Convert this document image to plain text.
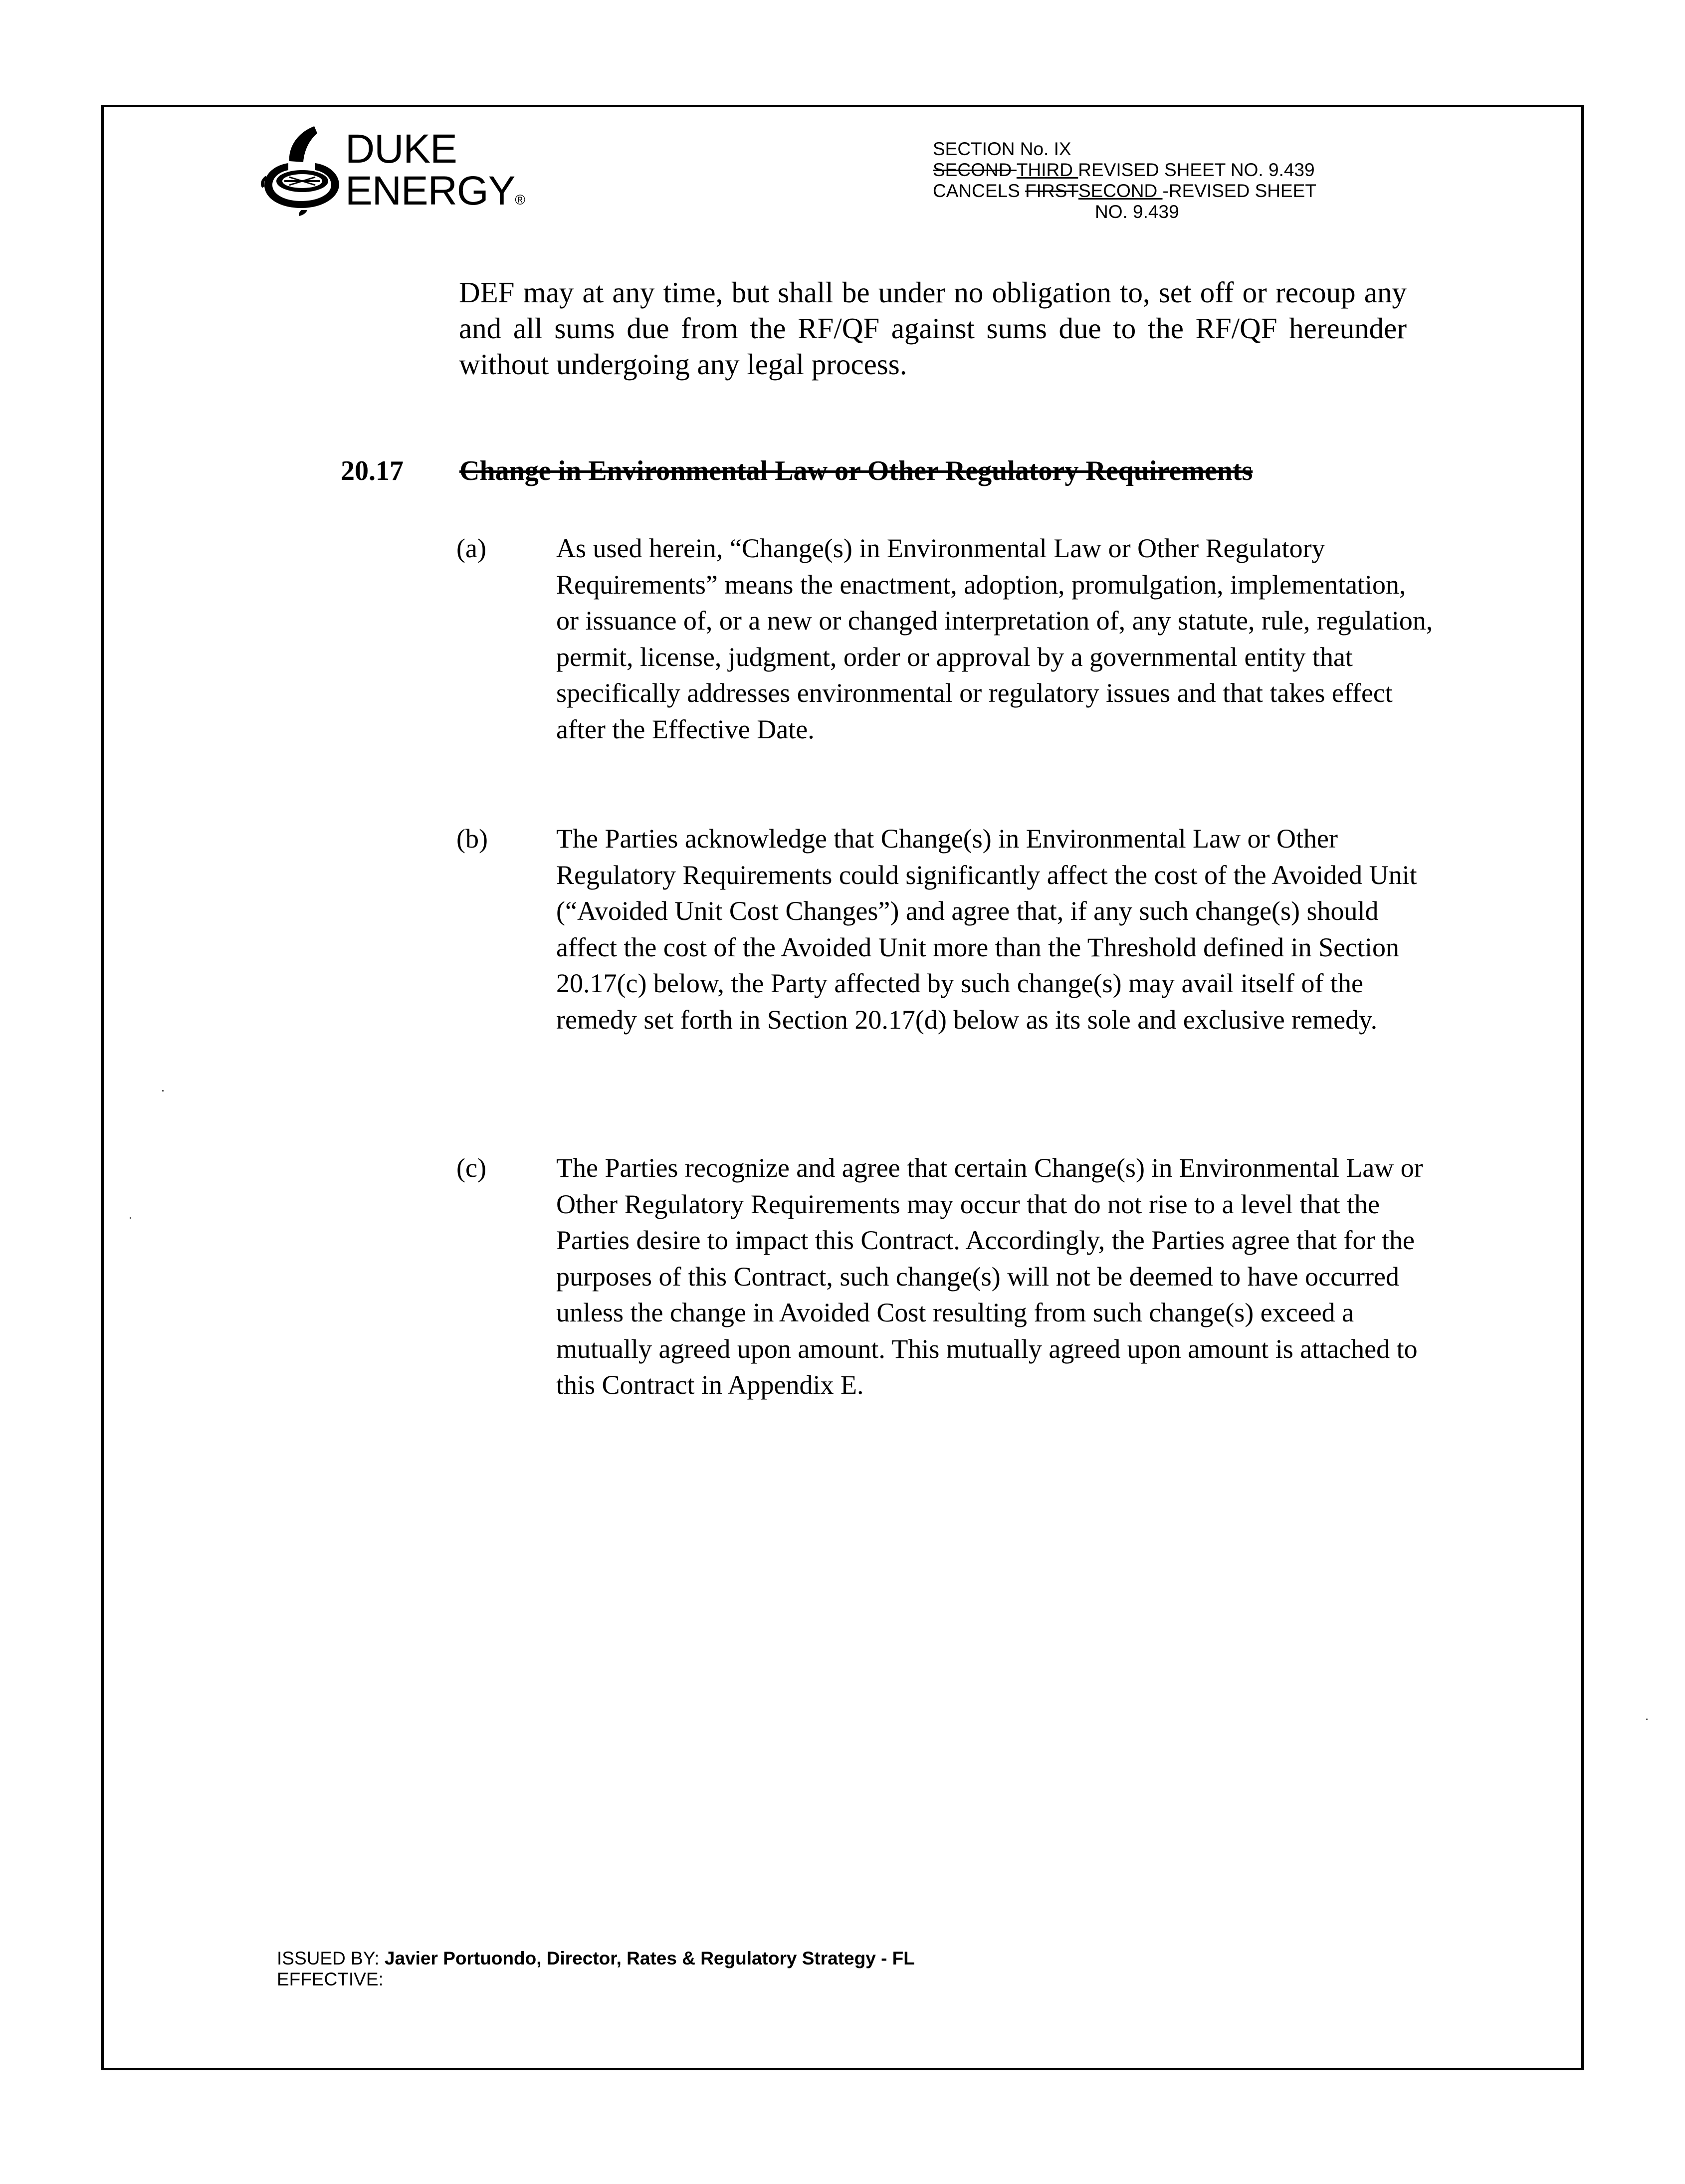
DUKE
ENERGY®
SECTION No. IX
SECOND THIRD REVISED SHEET NO. 9.439
CANCELS FIRSTSECOND -REVISED SHEET
NO. 9.439
DEF may at any time, but shall be under no obligation to, set off or recoup any and all sums due from the RF/QF against sums due to the RF/QF hereunder without undergoing any legal process.
20.17 Change in Environmental Law or Other Regulatory Requirements
(a)	As used herein, “Change(s) in Environmental Law or Other Regulatory Requirements” means the enactment, adoption, promulgation, implementation, or issuance of, or a new or changed interpretation of, any statute, rule, regulation, permit, license, judgment, order or approval by a governmental entity that specifically addresses environmental or regulatory issues and that takes effect after the Effective Date.
(b)	The Parties acknowledge that Change(s) in Environmental Law or Other Regulatory Requirements could significantly affect the cost of the Avoided Unit (“Avoided Unit Cost Changes”) and agree that, if any such change(s) should affect the cost of the Avoided Unit more than the Threshold defined in Section 20.17(c) below, the Party affected by such change(s) may avail itself of the remedy set forth in Section 20.17(d) below as its sole and exclusive remedy.
(c)	The Parties recognize and agree that certain Change(s) in Environmental Law or Other Regulatory Requirements may occur that do not rise to a level that the Parties desire to impact this Contract. Accordingly, the Parties agree that for the purposes of this Contract, such change(s) will not be deemed to have occurred unless the change in Avoided Cost resulting from such change(s) exceed a mutually agreed upon amount. This mutually agreed upon amount is attached to this Contract in Appendix E.
ISSUED BY: Javier Portuondo, Director, Rates & Regulatory Strategy - FL
EFFECTIVE:
